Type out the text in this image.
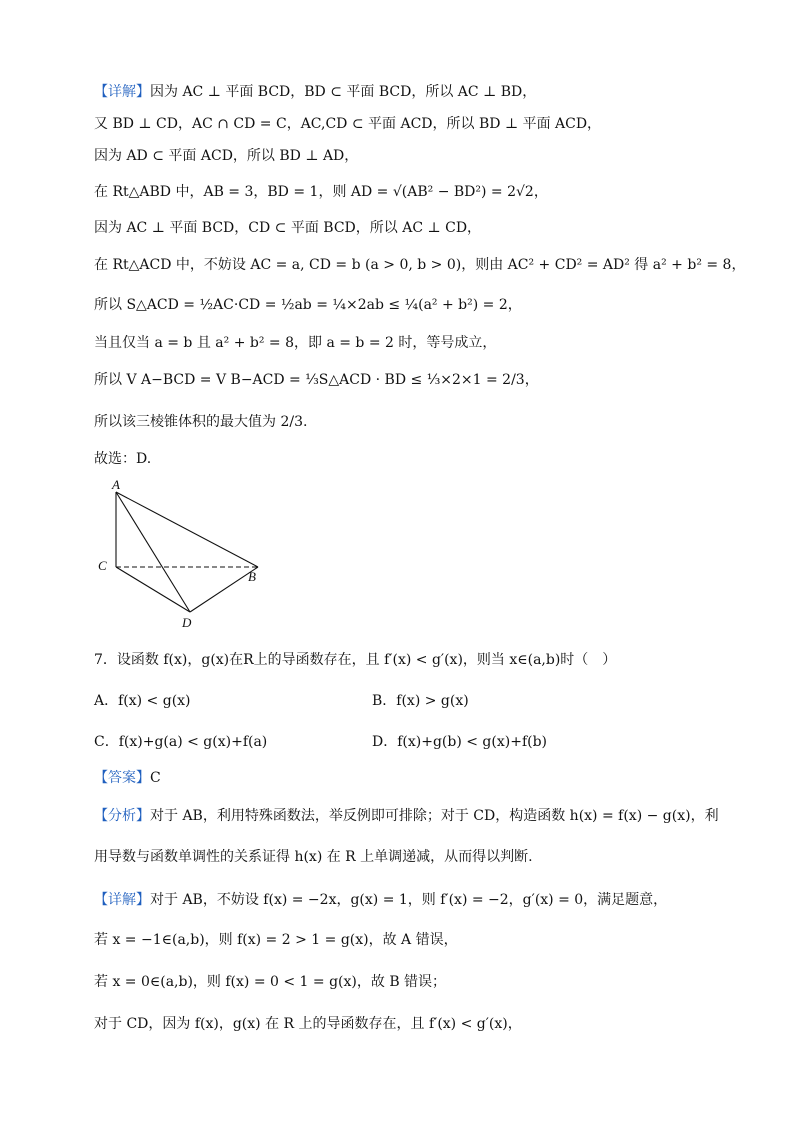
【详解】因为 AC ⊥ 平面 BCD，BD ⊂ 平面 BCD，所以 AC ⊥ BD，
又 BD ⊥ CD，AC ∩ CD = C，AC,CD ⊂ 平面 ACD，所以 BD ⊥ 平面 ACD，
因为 AD ⊂ 平面 ACD，所以 BD ⊥ AD，
在 Rt△ABD 中，AB = 3，BD = 1，则 AD = √(AB² − BD²) = 2√2，
因为 AC ⊥ 平面 BCD，CD ⊂ 平面 BCD，所以 AC ⊥ CD，
在 Rt△ACD 中，不妨设 AC = a, CD = b (a > 0, b > 0)，则由 AC² + CD² = AD² 得 a² + b² = 8，
所以 S△ACD = ½AC·CD = ½ab = ¼×2ab ≤ ¼(a² + b²) = 2，
当且仅当 a = b 且 a² + b² = 8，即 a = b = 2 时，等号成立，
所以 V A−BCD = V B−ACD = ⅓S△ACD · BD ≤ ⅓×2×1 = 2/3，
所以该三棱锥体积的最大值为 2/3.
故选：D.
A
C
B
D
7．设函数 f(x)，g(x)在R上的导函数存在，且 f′(x) < g′(x)，则当 x∈(a,b)时（　）
A．f(x) < g(x)	B．f(x) > g(x)
C．f(x)+g(a) < g(x)+f(a)	D．f(x)+g(b) < g(x)+f(b)
【答案】C
【分析】对于 AB，利用特殊函数法，举反例即可排除；对于 CD，构造函数 h(x) = f(x) − g(x)，利
用导数与函数单调性的关系证得 h(x) 在 R 上单调递减，从而得以判断.
【详解】对于 AB，不妨设 f(x) = −2x，g(x) = 1，则 f′(x) = −2，g′(x) = 0，满足题意，
若 x = −1∈(a,b)，则 f(x) = 2 > 1 = g(x)，故 A 错误，
若 x = 0∈(a,b)，则 f(x) = 0 < 1 = g(x)，故 B 错误；
对于 CD，因为 f(x)，g(x) 在 R 上的导函数存在，且 f′(x) < g′(x)，
